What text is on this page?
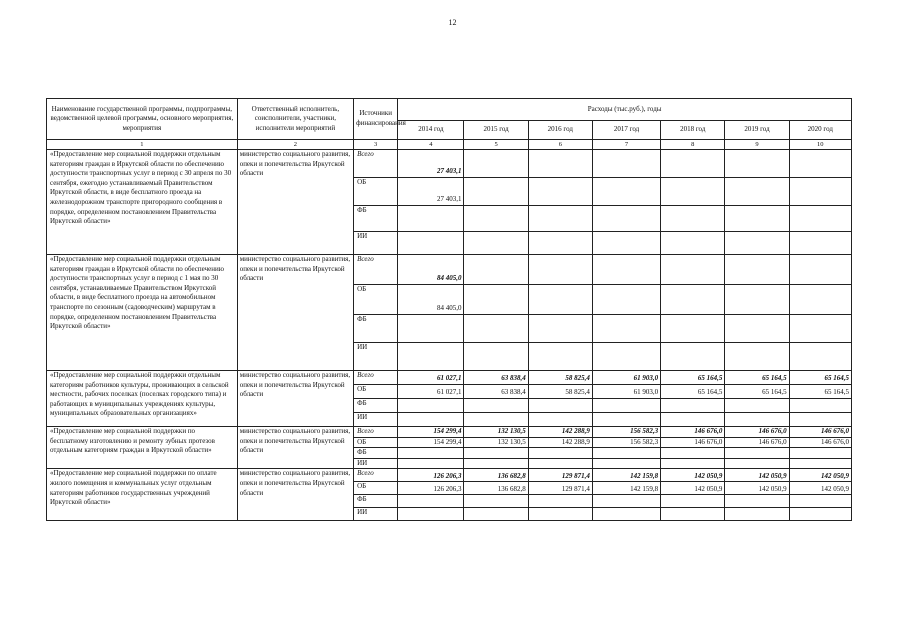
12
Наименование государственной программы, подпрограммы, ведомственной целевой программы, основного мероприятия, мероприятия	Ответственный исполнитель, соисполнители, участники, исполнители мероприятий	Источники финансирования	Расходы (тыс.руб.), годы						
			2014 год	2015 год	2016 год	2017 год	2018 год	2019 год	2020 год
1	2	3	4	5	6	7	8	9	10
«Предоставление мер социальной поддержки отдельным категориям граждан в Иркутской области по обеспечению доступности транспортных услуг в период с 30 апреля по 30 сентября, ежегодно устанавливаемый Правительством Иркутской области, в виде бесплатного проезда на железнодорожном транспорте пригородного сообщения в порядке, определенном постановлением Правительства Иркутской области»	министерство социального развития, опеки и попечительства Иркутской области	Всего	27 403,1						
		ОБ	27 403,1						
		ФБ							
		ИИ							
«Предоставление мер социальной поддержки отдельным категориям граждан в Иркутской области по обеспечению доступности транспортных услуг в период с 1 мая по 30 сентября, устанавливаемые Правительством Иркутской области, в виде бесплатного проезда на автомобильном транспорте по сезонным (садоводческим) маршрутам в порядке, определенном постановлением Правительства Иркутской области»	министерство социального развития, опеки и попечительства Иркутской области	Всего	84 405,0						
		ОБ	84 405,0						
		ФБ							
		ИИ							
«Предоставление мер социальной поддержки отдельным категориям работников культуры, проживающих в сельской местности, рабочих поселках (поселках городского типа) и работающих в муниципальных учреждениях культуры, муниципальных образовательных организациях»	министерство социального развития, опеки и попечительства Иркутской области	Всего	61 027,1	63 838,4	58 825,4	61 903,0	65 164,5	65 164,5	65 164,5
		ОБ	61 027,1	63 838,4	58 825,4	61 903,0	65 164,5	65 164,5	65 164,5
		ФБ							
		ИИ							
«Предоставление мер социальной поддержки по бесплатному изготовлению и ремонту зубных протезов отдельным категориям граждан в Иркутской области»	министерство социального развития, опеки и попечительства Иркутской области	Всего	154 299,4	132 130,5	142 288,9	156 582,3	146 676,0	146 676,0	146 676,0
		ОБ	154 299,4	132 130,5	142 288,9	156 582,3	146 676,0	146 676,0	146 676,0
		ФБ							
		ИИ							
«Предоставление мер социальной поддержки по оплате жилого помещения и коммунальных услуг отдельным категориям работников государственных учреждений Иркутской области»	министерство социального развития, опеки и попечительства Иркутской области	Всего	126 206,3	136 682,8	129 871,4	142 159,8	142 050,9	142 050,9	142 050,9
		ОБ	126 206,3	136 682,8	129 871,4	142 159,8	142 050,9	142 050,9	142 050,9
		ФБ							
		ИИ							
